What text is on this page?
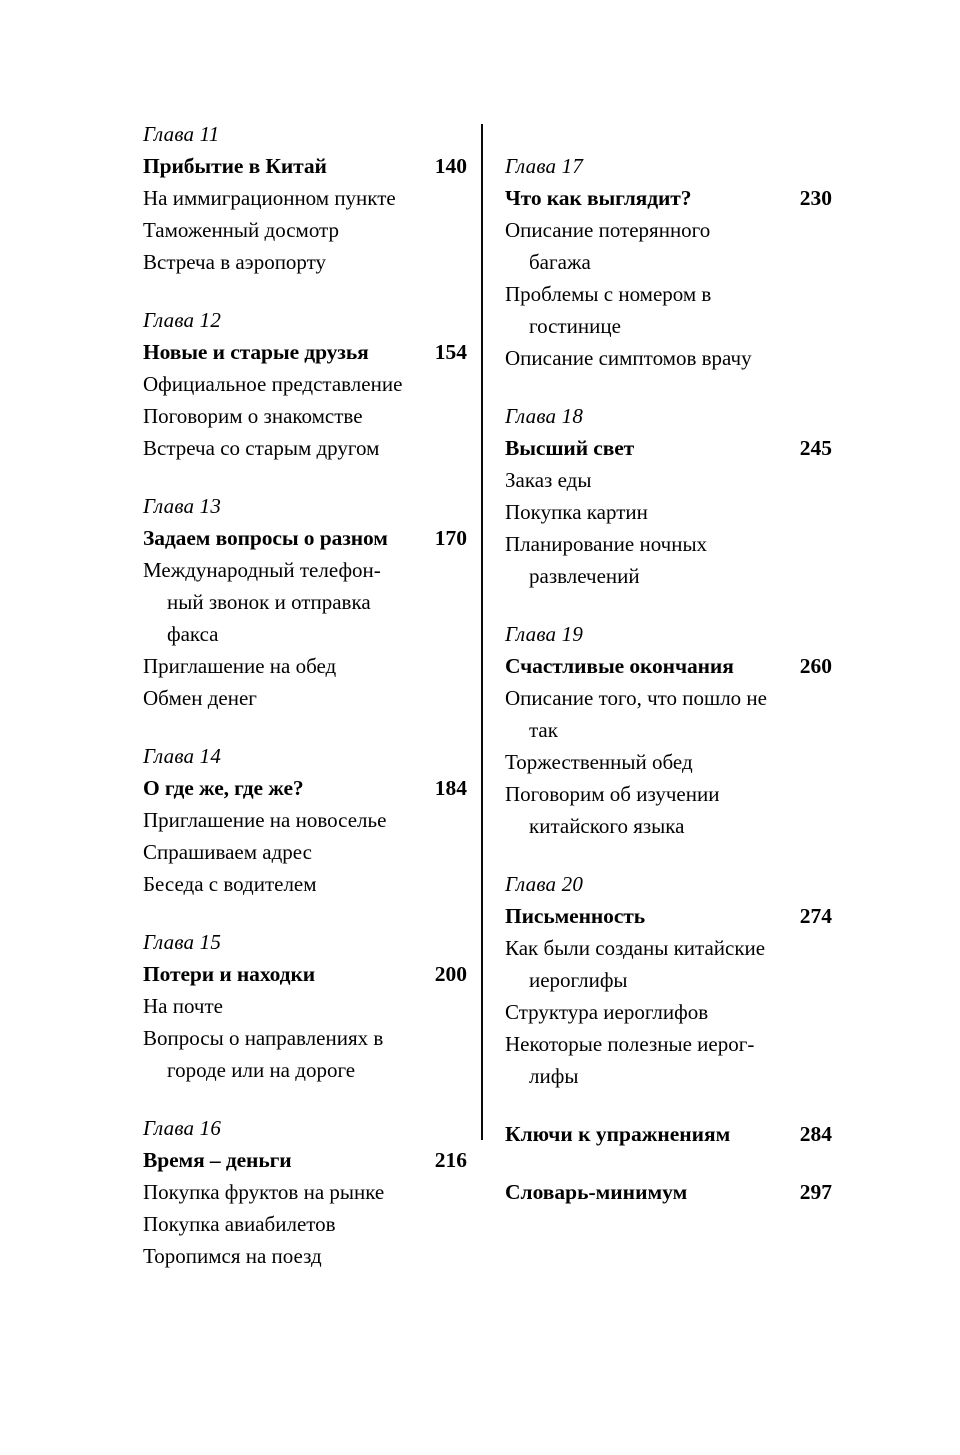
Глава 11
Прибытие в Китай	140
На иммиграционном пункте
Таможенный досмотр
Встреча в аэропорту
Глава 12
Новые и старые друзья	154
Официальное представление
Поговорим о знакомстве
Встреча со старым другом
Глава 13
Задаем вопросы о разном 170
Международный телефон-
ный звонок и отправка
факса
Приглашение на обед
Обмен денег
Глава 14
О где же, где же?	184
Приглашение на новоселье
Спрашиваем адрес
Беседа с водителем
Глава 15
Потери и находки	200
На почте
Вопросы о направлениях в
городе или на дороге
Глава 16
Время – деньги	216
Покупка фруктов на рынке
Покупка авиабилетов
Торопимся на поезд
Глава 17
Что как выглядит?	230
Описание потерянного
багажа
Проблемы с номером в
гостинице
Описание симптомов врачу
Глава 18
Высший свет	245
Заказ еды
Покупка картин
Планирование ночных
развлечений
Глава 19
Счастливые окончания	260
Описание того, что пошло не
так
Торжественный обед
Поговорим об изучении
китайского языка
Глава 20
Письменность	274
Как были созданы китайские
иероглифы
Структура иероглифов
Некоторые полезные иерог-
лифы
Ключи к упражнениям	284
Словарь-минимум	297
